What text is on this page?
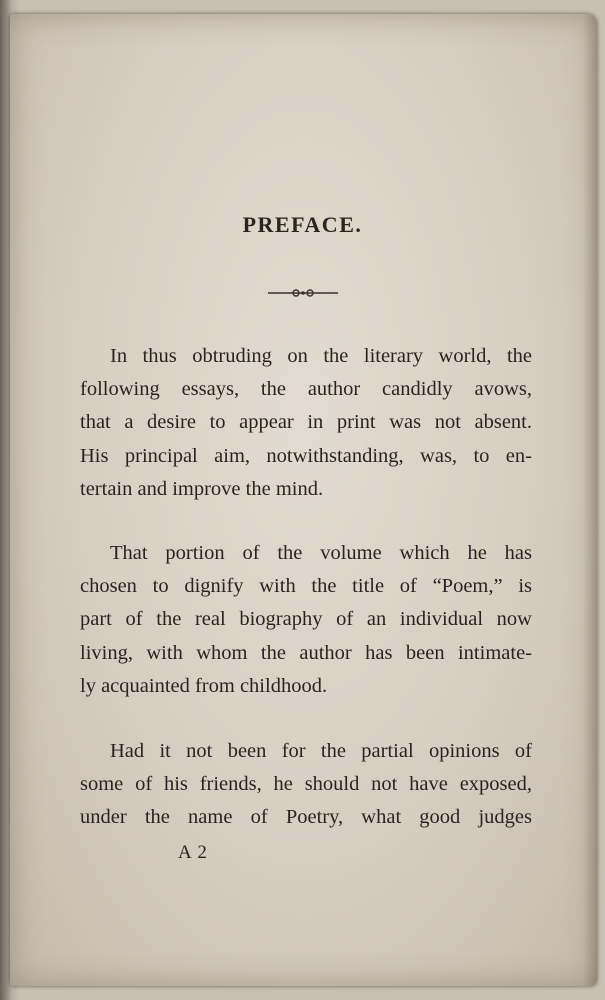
PREFACE.
In thus obtruding on the literary world, the
following essays, the author candidly avows,
that a desire to appear in print was not absent.
His principal aim, notwithstanding, was, to en-
tertain and improve the mind.
That portion of the volume which he has
chosen to dignify with the title of “Poem,” is
part of the real biography of an individual now
living, with whom the author has been intimate-
ly acquainted from childhood.
Had it not been for the partial opinions of
some of his friends, he should not have exposed,
under the name of Poetry, what good judges
A 2
